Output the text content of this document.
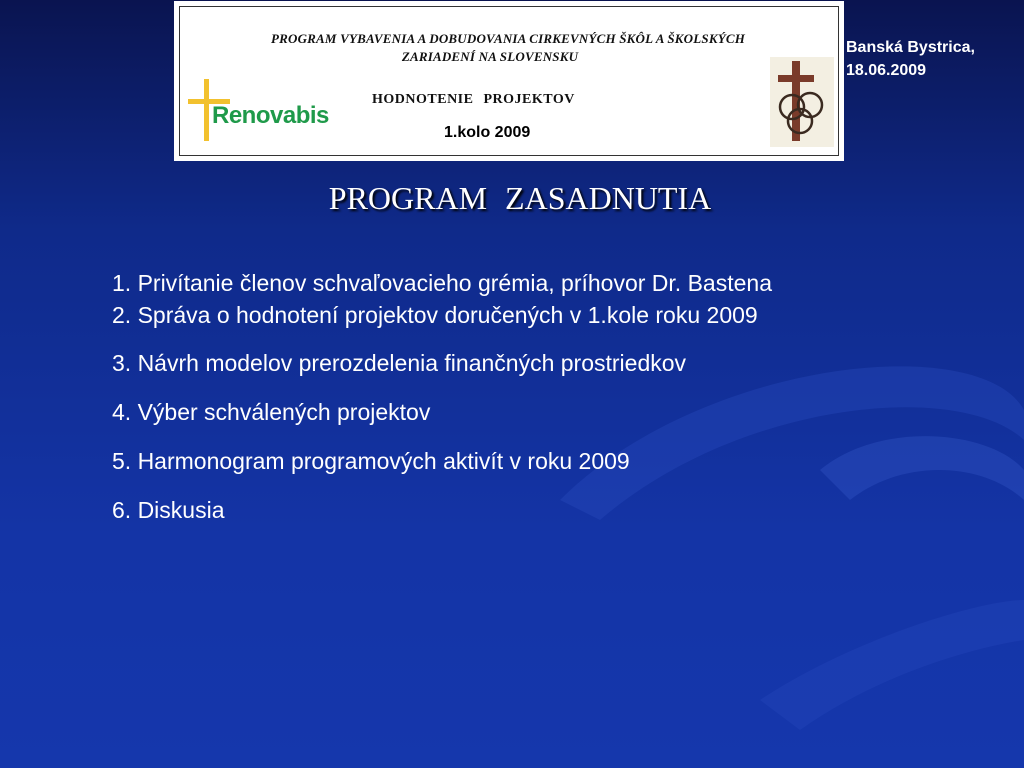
PROGRAM VYBAVENIA A DOBUDOVANIA CIRKEVNÝCH ŠKÔL A ŠKOLSKÝCH
ZARIADENÍ NA SLOVENSKU
HODNOTENIE PROJEKTOV
1.kolo 2009
Renovabis
Banská Bystrica,
18.06.2009
PROGRAM ZASADNUTIA
1. Privítanie členov schvaľovacieho grémia, príhovor Dr. Bastena
2. Správa o hodnotení projektov doručených v 1.kole roku 2009
3. Návrh modelov prerozdelenia finančných prostriedkov
4. Výber schválených projektov
5. Harmonogram programových aktivít v roku 2009
6. Diskusia
